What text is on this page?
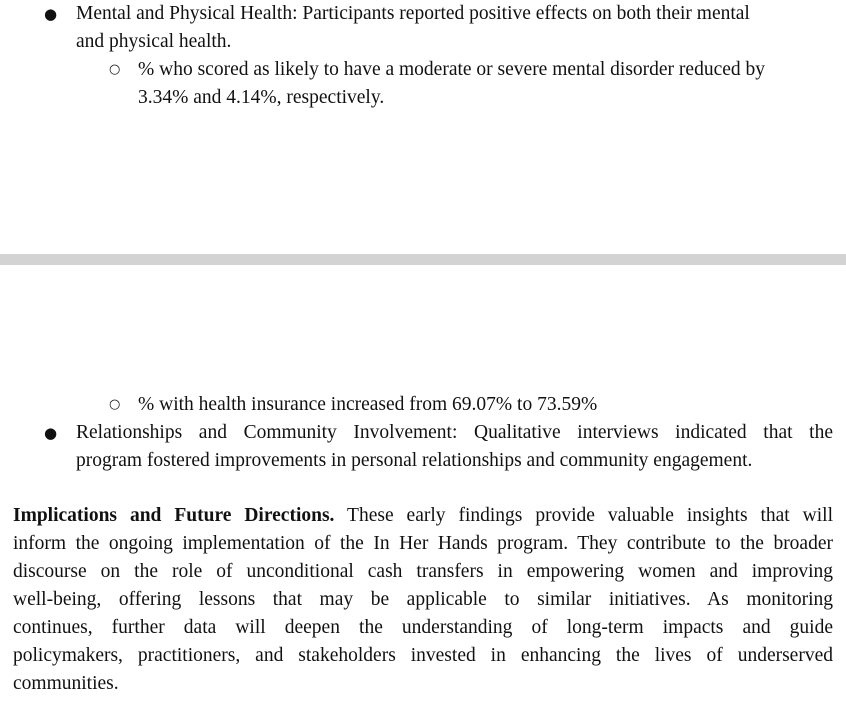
● Mental and Physical Health: Participants reported positive effects on both their mental
and physical health.
○ % who scored as likely to have a moderate or severe mental disorder reduced by
3.34% and 4.14%, respectively.
○ % with health insurance increased from 69.07% to 73.59%
● Relationships and Community Involvement: Qualitative interviews indicated that the
program fostered improvements in personal relationships and community engagement.
Implications and Future Directions. These early findings provide valuable insights that will
inform the ongoing implementation of the In Her Hands program. They contribute to the broader
discourse on the role of unconditional cash transfers in empowering women and improving
well-being, offering lessons that may be applicable to similar initiatives. As monitoring
continues, further data will deepen the understanding of long-term impacts and guide
policymakers, practitioners, and stakeholders invested in enhancing the lives of underserved
communities.
